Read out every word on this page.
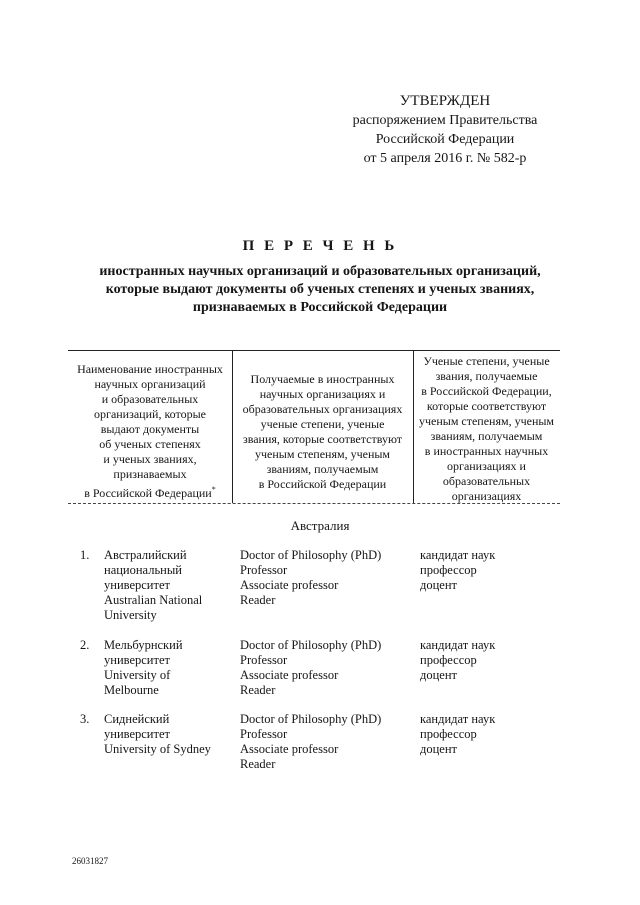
УТВЕРЖДЕН
распоряжением Правительства
Российской Федерации
от 5 апреля 2016 г. № 582-р
П Е Р Е Ч Е Н Ь
иностранных научных организаций и образовательных организаций,
которые выдают документы об ученых степенях и ученых званиях,
признаваемых в Российской Федерации
Наименование иностранных
научных организаций
и образовательных
организаций, которые
выдают документы
об ученых степенях
и ученых званиях,
признаваемых
в Российской Федерации*
Получаемые в иностранных
научных организациях и
образовательных организациях
ученые степени, ученые
звания, которые соответствуют
ученым степеням, ученым
званиям, получаемым
в Российской Федерации
Ученые степени, ученые
звания, получаемые
в Российской Федерации,
которые соответствуют
ученым степеням, ученым
званиям, получаемым
в иностранных научных
организациях и
образовательных
организациях
Австралия
1. Австралийский
национальный
университет
Australian National
University
Doctor of Philosophy (PhD)
Professor
Associate professor
Reader
кандидат наук
профессор
доцент
2. Мельбурнский
университет
University of
Melbourne
Doctor of Philosophy (PhD)
Professor
Associate professor
Reader
кандидат наук
профессор
доцент
3. Сиднейский
университет
University of Sydney
Doctor of Philosophy (PhD)
Professor
Associate professor
Reader
кандидат наук
профессор
доцент
26031827
